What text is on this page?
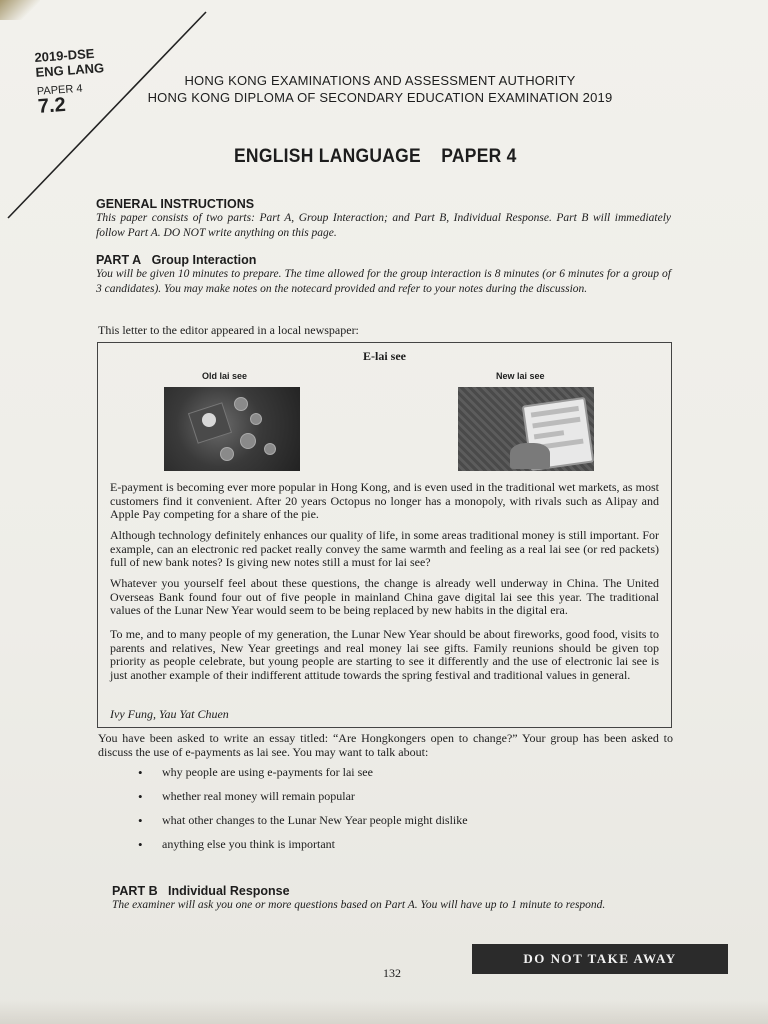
2019-DSE
ENG LANG
PAPER 4
7.2
HONG KONG EXAMINATIONS AND ASSESSMENT AUTHORITY
HONG KONG DIPLOMA OF SECONDARY EDUCATION EXAMINATION 2019
ENGLISH LANGUAGE PAPER 4
GENERAL INSTRUCTIONS
This paper consists of two parts: Part A, Group Interaction; and Part B, Individual Response. Part B will immediately follow Part A. DO NOT write anything on this page.
PART A Group Interaction
You will be given 10 minutes to prepare. The time allowed for the group interaction is 8 minutes (or 6 minutes for a group of 3 candidates). You may make notes on the notecard provided and refer to your notes during the discussion.
This letter to the editor appeared in a local newspaper:
E-lai see
Old lai see	New lai see
E-payment is becoming ever more popular in Hong Kong, and is even used in the traditional wet markets, as most customers find it convenient. After 20 years Octopus no longer has a monopoly, with rivals such as Alipay and Apple Pay competing for a share of the pie.
Although technology definitely enhances our quality of life, in some areas traditional money is still important. For example, can an electronic red packet really convey the same warmth and feeling as a real lai see (or red packets) full of new bank notes? Is giving new notes still a must for lai see?
Whatever you yourself feel about these questions, the change is already well underway in China. The United Overseas Bank found four out of five people in mainland China gave digital lai see this year. The traditional values of the Lunar New Year would seem to be being replaced by new habits in the digital era.
To me, and to many people of my generation, the Lunar New Year should be about fireworks, good food, visits to parents and relatives, New Year greetings and real money lai see gifts. Family reunions should be given top priority as people celebrate, but young people are starting to see it differently and the use of electronic lai see is just another example of their indifferent attitude towards the spring festival and traditional values in general.
Ivy Fung, Yau Yat Chuen
You have been asked to write an essay titled: “Are Hongkongers open to change?” Your group has been asked to discuss the use of e-payments as lai see. You may want to talk about:
why people are using e-payments for lai see
whether real money will remain popular
what other changes to the Lunar New Year people might dislike
anything else you think is important
PART B Individual Response
The examiner will ask you one or more questions based on Part A. You will have up to 1 minute to respond.
132
DO NOT TAKE AWAY
